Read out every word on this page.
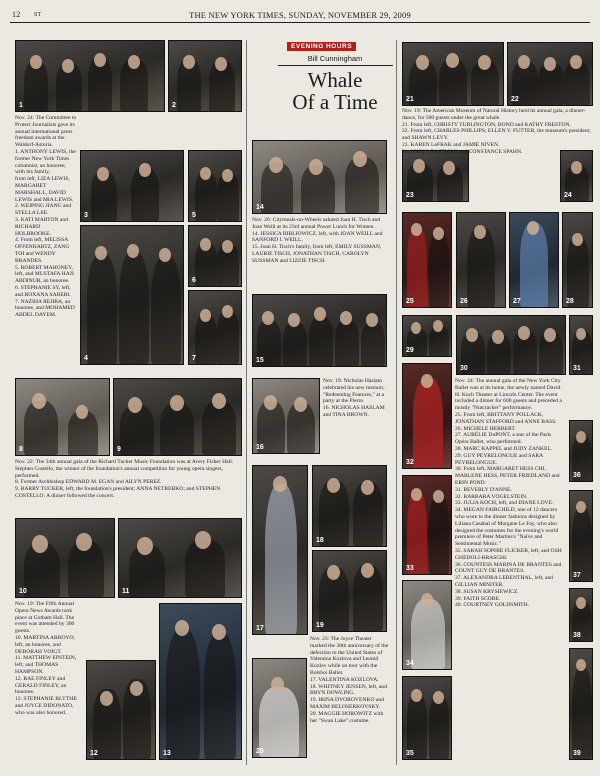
12 ST	THE NEW YORK TIMES, SUNDAY, NOVEMBER 29, 2009
EVENING HOURS
Bill Cunningham
Whale
Of a Time
1	2
3	5
4
6
7
8	9
10	11
12	13
14
15
16
17
18
19
20
21	22
23	24
25	26	27	28
29
30	31
32
33
34
35
36
37
38
39
Nov. 24: The Committee to Protect Journalists gave its annual international press freedom awards at the Waldorf-Astoria.
1. ANTHONY LEWIS, the former New York Times columnist, an honoree, with his family,
from left, LIZA LEWIS, MARGARET MARSHALL, DAVID LEWIS and MIA LEWIS.
2. WEIPING JIANG and STELLA LEE.
3. KATI MARTON and RICHARD HOLBROOKE.
4. From left, MELISSA OFFENHARTZ, ZANG TOI and WENDY BRANDES.
5. ROBERT MAHONEY, left, and MUSTAFA HAJI ABDINUR, an honoree.
6. STEPHANIE SY, left, and ROXANA SABERI.
7. NAZIHA REJIBA, an honoree, and MOHAMED ABDEL DAYEM.
Nov. 22: The 34th annual gala of the Richard Tucker Music Foundation was at Avery Fisher Hall. Stephen Costello, the winner of the foundation's annual competition for young opera singers, performed.
8. Former Archbishop EDWARD M. EGAN and AILYN PEREZ.
9. BARRY TUCKER, left, the foundation's president; ANNA NETREBKO; and STEPHEN COSTELLO. A dinner followed the concert.
Nov. 19: The Fifth Annual Opera News Awards took place at Gotham Hall. The event was attended by 300 guests.
10. MARTINA ARROYO, left, an honoree, and DEBORAH VOIGT.
11. MATTHEW EPSTEIN, left, and THOMAS HAMPSON.
12. RAE FINLEY and GERALD FINLEY, an honoree.
13. STEPHANIE BLYTHE and JOYCE DIDONATO, who was also honored.
Nov. 20: Citymeals-on-Wheels saluted Joan H. Tisch and Joan Weill at its 23rd annual Power Lunch for Women.
14. JESSICA BIBLIOWICZ, left, with JOAN WEILL and SANFORD I. WEILL.
15. Joan H. Tisch's family, from left, EMILY SUSSMAN, LAURIE TISCH, JONATHAN TISCH, CAROLYN SUSSMAN and LIZZIE TISCH.
Nov. 19: Nicholas Haslam celebrated his new memoir, "Redeeming Features," at a party at the Pierre.
16. NICHOLAS HASLAM and TINA BROWN.
Nov. 23: The Joyce Theater marked the 30th anniversary of the defection to the United States of Valentina Kozlova and Leonid Kozlov while on tour with the Bolshoi Ballet.
17. VALENTINA KOZLOVA.
18. WHITNEY JENSEN, left, and BRYN DOWLING.
19. IRINA DVOROVENKO and MAXIM BELOSERKOVSKY.
20. MAGGIE HOROWITZ with her "Swan Lake" costume.
Nov. 19: The American Museum of Natural History held its annual gala, a dinner-dance, for 500 guests under the great whale.
21. From left, CHRISTY TURLINGTON, BONO and KATHY FRESTON.
22. From left, CHARLES PHILLIPS; ELLEN V. FUTTER, the museum's president; and SHAWN LEVY.
23. KAREN LeFRAK and JAMIE NIVEN.
24. JOHN I. EASTMAN and CONSTANCE SPAHN.
Nov. 24: The annual gala of the New York City Ballet was at its home, the newly named David H. Koch Theater at Lincoln Center. The event included a dinner for 600 guests and preceded a mostly "Nutcracker" performance.
25. From left, BRITTANY POLLACK, JONATHAN STAFFORD and ANNE BASS.
26. MICHELE HERBERT.
27. AURÉLIE DuPONT, a star of the Paris Opéra Ballet, who performed.
28. MARC KAPPEL and JUDY ZANKEL.
29. GUY PEYRELONGUE and SARA PEYRELONGUE.
30. From left, MARGARET HESS CHI, MARLENE HESS, PETER FRIEDLAND and ERIN POND.
31. BEVERLY D'ANNE.
32. BARBARA VOGELSTEIN.
33. JULIA KOCH, left, and DIANE LOVE.
34. MEGAN FAIRCHILD, one of 12 dancers who wore to the dinner fashions designed by Liliana Casabal of Morgane Le Fay, who also designed the costumes for the evening's world premiere of Peter Martins's "Naïve and Sentimental Music."
35. SARAH SOPHIE FLICKER, left, and OSH GHEDOLI-BRASCHI.
36. COUNTESS MARINA DE BRANTES and COUNT GUY DE BRANTES.
37. ALEXANDRA LEBENTHAL, left, and GILLIAN MINITER.
38. SUSAN KRYSIEWICZ.
39. FAITH SCORE.
40. COURTNEY GOLDSMITH.
